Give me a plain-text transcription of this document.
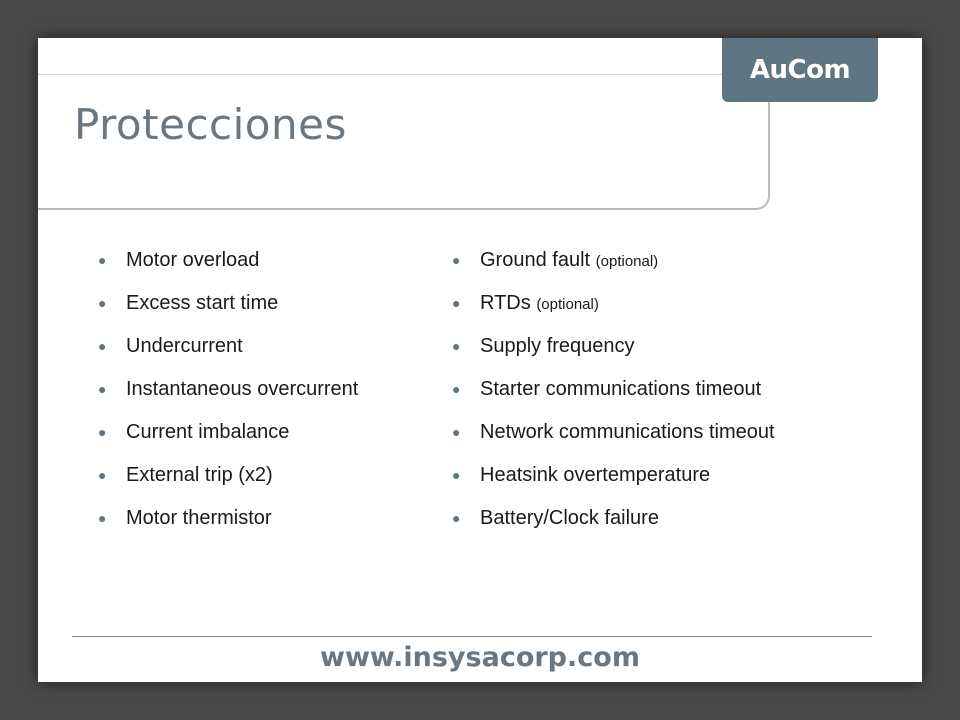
Protecciones
AuCom
● Motor overload
● Excess start time
● Undercurrent
● Instantaneous overcurrent
● Current imbalance
● External trip (x2)
● Motor thermistor
● Ground fault (optional)
● RTDs (optional)
● Supply frequency
● Starter communications timeout
● Network communications timeout
● Heatsink overtemperature
● Battery/Clock failure
www.insysacorp.com
